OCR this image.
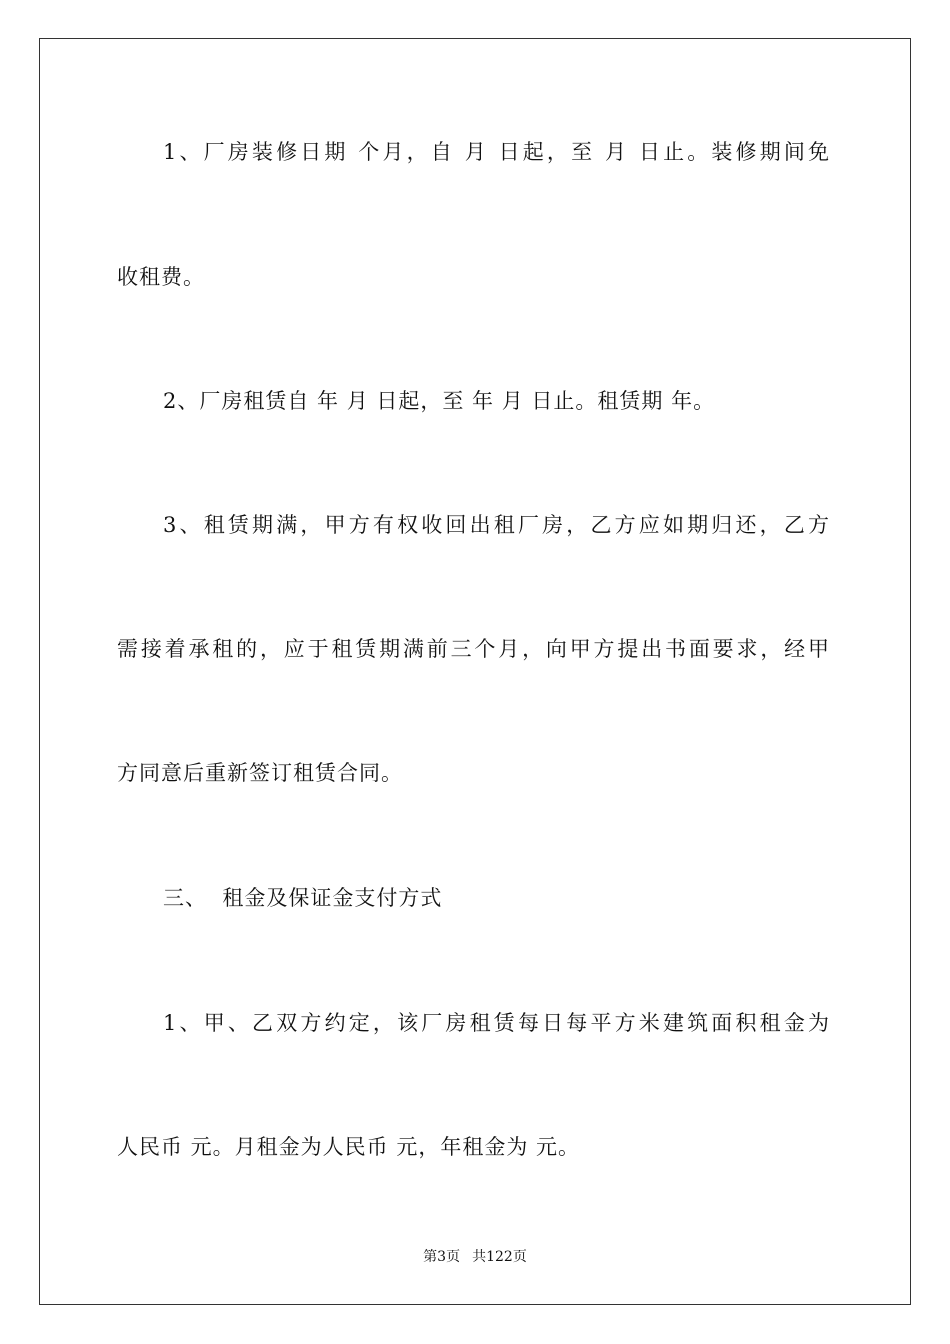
1、厂房装修日期 个月，自 月 日起，至 月 日止。装修期间免
收租费。
2、厂房租赁自 年 月 日起，至 年 月 日止。租赁期 年。
3、租赁期满，甲方有权收回出租厂房，乙方应如期归还，乙方
需接着承租的，应于租赁期满前三个月，向甲方提出书面要求，经甲
方同意后重新签订租赁合同。
三、  租金及保证金支付方式
1、甲、乙双方约定，该厂房租赁每日每平方米建筑面积租金为
人民币 元。月租金为人民币 元，年租金为 元。
第3页 共122页
